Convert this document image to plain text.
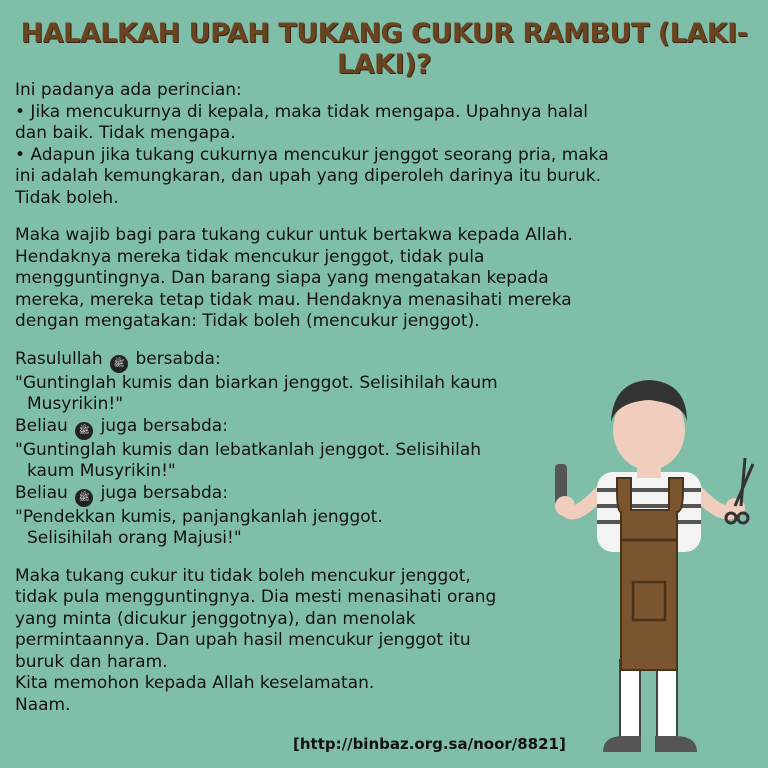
HALALKAH UPAH TUKANG CUKUR RAMBUT (LAKI-LAKI)?
Ini padanya ada perincian:
• Jika mencukurnya di kepala, maka tidak mengapa. Upahnya halal
dan baik. Tidak mengapa.
• Adapun jika tukang cukurnya mencukur jenggot seorang pria, maka
ini adalah kemungkaran, dan upah yang diperoleh darinya itu buruk.
Tidak boleh.
Maka wajib bagi para tukang cukur untuk bertakwa kepada Allah.
Hendaknya mereka tidak mencukur jenggot, tidak pula
mengguntingnya. Dan barang siapa yang mengatakan kepada
mereka, mereka tetap tidak mau. Hendaknya menasihati mereka
dengan mengatakan: Tidak boleh (mencukur jenggot).
Rasulullah ﷺ bersabda:
"Guntinglah kumis dan biarkan jenggot. Selisihilah kaum
Musyrikin!"
Beliau ﷺ juga bersabda:
"Guntinglah kumis dan lebatkanlah jenggot. Selisihilah
kaum Musyrikin!"
Beliau ﷺ juga bersabda:
"Pendekkan kumis, panjangkanlah jenggot.
Selisihilah orang Majusi!"
Maka tukang cukur itu tidak boleh mencukur jenggot,
tidak pula mengguntingnya. Dia mesti menasihati orang
yang minta (dicukur jenggotnya), dan menolak
permintaannya. Dan upah hasil mencukur jenggot itu
buruk dan haram.
Kita memohon kepada Allah keselamatan.
Naam.
[http://binbaz.org.sa/noor/8821]
